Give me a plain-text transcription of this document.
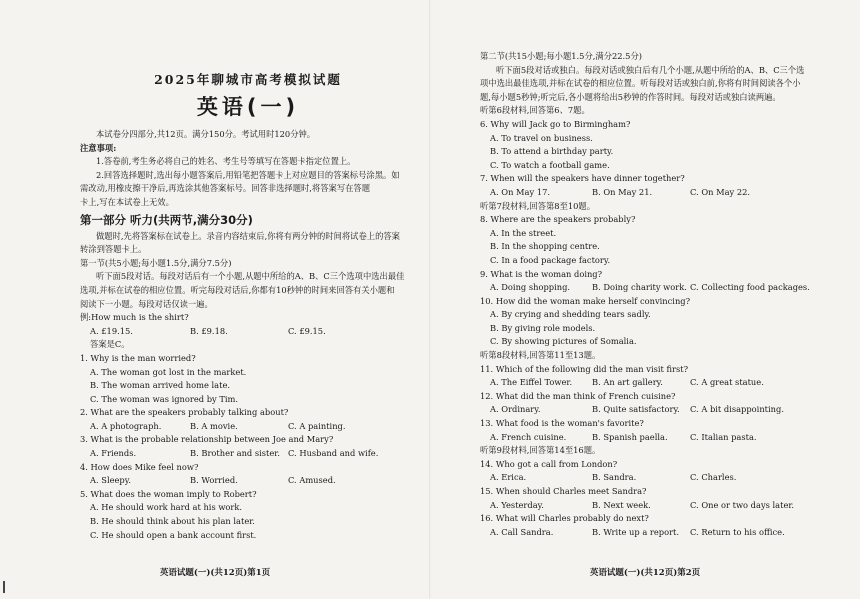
2025年聊城市高考模拟试题
英语(一)
本试卷分四部分,共12页。满分150分。考试用时120分钟。
注意事项:
1.答卷前,考生务必将自己的姓名、考生号等填写在答题卡指定位置上。
2.回答选择题时,选出每小题答案后,用铅笔把答题卡上对应题目的答案标号涂黑。如
需改动,用橡皮擦干净后,再选涂其他答案标号。回答非选择题时,将答案写在答题
卡上,写在本试卷上无效。
第一部分 听力(共两节,满分30分)
做题时,先将答案标在试卷上。录音内容结束后,你将有两分钟的时间将试卷上的答案
转涂到答题卡上。
第一节(共5小题;每小题1.5分,满分7.5分)
听下面5段对话。每段对话后有一个小题,从题中所给的A、B、C三个选项中选出最佳
选项,并标在试卷的相应位置。听完每段对话后,你都有10秒钟的时间来回答有关小题和
阅读下一小题。每段对话仅读一遍。
例:How much is the shirt?
A. £19.15.	B. £9.18.	C. £9.15.
答案是C。
1. Why is the man worried?
A. The woman got lost in the market.
B. The woman arrived home late.
C. The woman was ignored by Tim.
2. What are the speakers probably talking about?
A. A photograph.	B. A movie.	C. A painting.
3. What is the probable relationship between Joe and Mary?
A. Friends.	B. Brother and sister. C. Husband and wife.
4. How does Mike feel now?
A. Sleepy.	B. Worried.	C. Amused.
5. What does the woman imply to Robert?
A. He should work hard at his work.
B. He should think about his plan later.
C. He should open a bank account first.
英语试题(一)(共12页)第1页
第二节(共15小题;每小题1.5分,满分22.5分)
听下面5段对话或独白。每段对话或独白后有几个小题,从题中所给的A、B、C三个选
项中选出最佳选项,并标在试卷的相应位置。听每段对话或独白前,你将有时间阅读各个小
题,每小题5秒钟;听完后,各小题将给出5秒钟的作答时间。每段对话或独白读两遍。
听第6段材料,回答第6、7题。
6. Why will Jack go to Birmingham?
A. To travel on business.
B. To attend a birthday party.
C. To watch a football game.
7. When will the speakers have dinner together?
A. On May 17.	B. On May 21.	C. On May 22.
听第7段材料,回答第8至10题。
8. Where are the speakers probably?
A. In the street.
B. In the shopping centre.
C. In a food package factory.
9. What is the woman doing?
A. Doing shopping.	B. Doing charity work. C. Collecting food packages.
10. How did the woman make herself convincing?
A. By crying and shedding tears sadly.
B. By giving role models.
C. By showing pictures of Somalia.
听第8段材料,回答第11至13题。
11. Which of the following did the man visit first?
A. The Eiffel Tower.	B. An art gallery.	C. A great statue.
12. What did the man think of French cuisine?
A. Ordinary.	B. Quite satisfactory.	C. A bit disappointing.
13. What food is the woman's favorite?
A. French cuisine.	B. Spanish paella.	C. Italian pasta.
听第9段材料,回答第14至16题。
14. Who got a call from London?
A. Erica.	B. Sandra.	C. Charles.
15. When should Charles meet Sandra?
A. Yesterday.	B. Next week.	C. One or two days later.
16. What will Charles probably do next?
A. Call Sandra.	B. Write up a report.	C. Return to his office.
英语试题(一)(共12页)第2页
